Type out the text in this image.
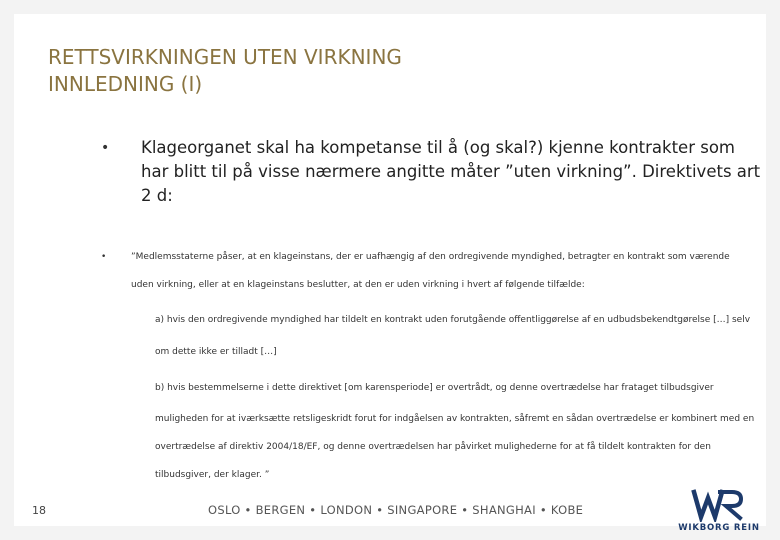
RETTSVIRKNINGEN UTEN VIRKNING
INNLEDNING (I)
• Klageorganet skal ha kompetanse til å (og skal?) kjenne kontrakter som har blitt til på visse nærmere angitte måter ”uten virkning”. Direktivets art 2 d:
•	”Medlemsstaterne påser, at en klageinstans, der er uafhængig af den ordregivende myndighed, betragter en kontrakt som værende
uden virkning, eller at en klageinstans beslutter, at den er uden virkning i hvert af følgende tilfælde:
a) hvis den ordregivende myndighed har tildelt en kontrakt uden forutgående offentliggørelse af en udbudsbekendtgørelse […] selv
om dette ikke er tilladt […]
b) hvis bestemmelserne i dette direktivet [om karensperiode] er overtrådt, og denne overtrædelse har frataget tilbudsgiver
muligheden for at iværksætte retsligeskridt forut for indgåelsen av kontrakten, såfremt en sådan overtrædelse er kombinert med en
overtrædelse af direktiv 2004/18/EF, og denne overtrædelsen har påvirket mulighederne for at få tildelt kontrakten for den
tilbudsgiver, der klager. ”
18	OSLO • BERGEN • LONDON • SINGAPORE • SHANGHAI • KOBE
WIKBORG REIN
